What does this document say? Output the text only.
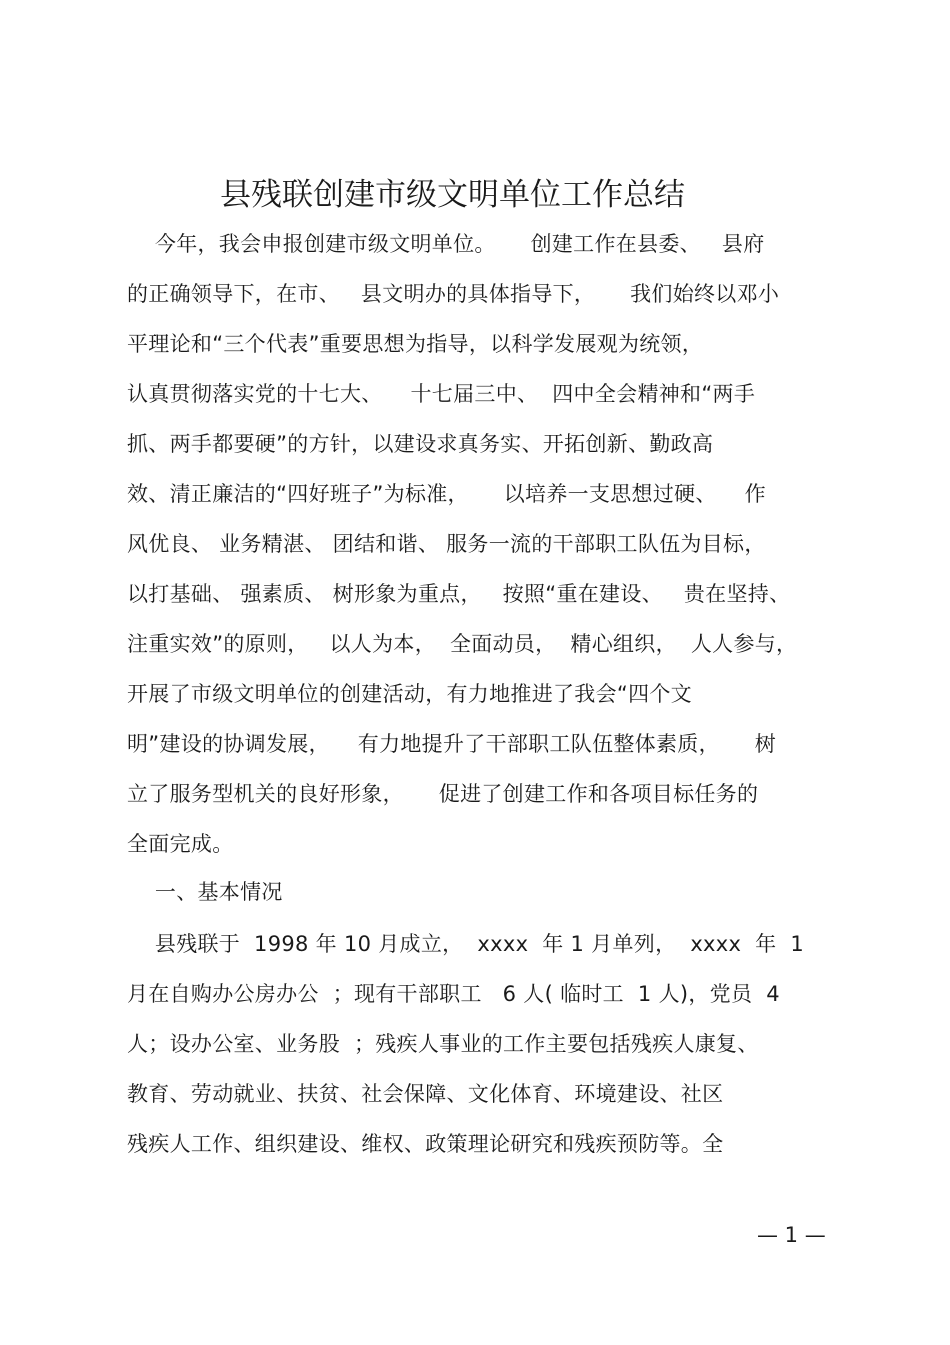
县残联创建市级文明单位工作总结
今年，我会申报创建市级文明单位。     创建工作在县委、   县府
的正确领导下，在市、   县文明办的具体指导下，     我们始终以邓小
平理论和“三个代表”重要思想为指导，以科学发展观为统领，
认真贯彻落实党的十七大、    十七届三中、  四中全会精神和“两手
抓、两手都要硬”的方针，以建设求真务实、开拓创新、勤政高
效、清正廉洁的“四好班子”为标准，     以培养一支思想过硬、    作
风优良、 业务精湛、 团结和谐、 服务一流的干部职工队伍为目标，
以打基础、 强素质、 树形象为重点，   按照“重在建设、   贵在坚持、
注重实效”的原则，   以人为本，  全面动员，  精心组织，  人人参与，
开展了市级文明单位的创建活动，有力地推进了我会“四个文
明”建设的协调发展，    有力地提升了干部职工队伍整体素质，     树
立了服务型机关的良好形象，     促进了创建工作和各项目标任务的
全面完成。
一、基本情况
县残联于  1998 年 10 月成立，  xxxx  年 1 月单列，  xxxx  年  1
月在自购办公房办公  ；现有干部职工   6 人( 临时工  1 人)，党员  4
人；设办公室、业务股  ；残疾人事业的工作主要包括残疾人康复、
教育、劳动就业、扶贫、社会保障、文化体育、环境建设、社区
残疾人工作、组织建设、维权、政策理论研究和残疾预防等。全
— 1 —
